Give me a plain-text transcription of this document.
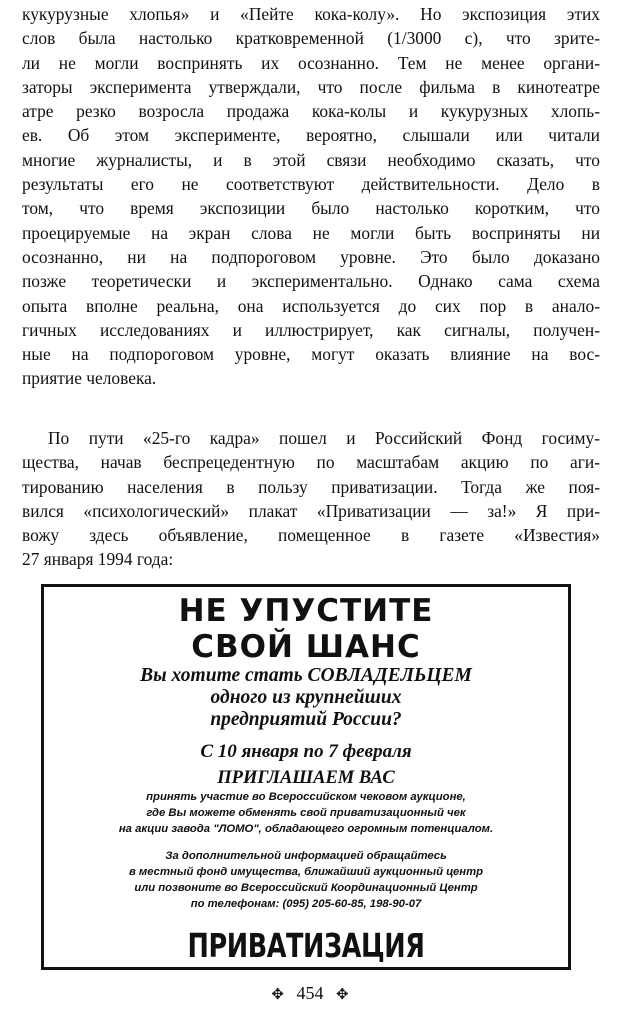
кукурузные хлопья» и «Пейте кока-колу». Но экспозиция этих
слов была настолько кратковременной (1/3000 с), что зрите-
ли не могли воспринять их осознанно. Тем не менее органи-
заторы эксперимента утверждали, что после фильма в кинотеатре
атре резко возросла продажа кока-колы и кукурузных хлопь-
ев. Об этом эксперименте, вероятно, слышали или читали
многие журналисты, и в этой связи необходимо сказать, что
результаты его не соответствуют действительности. Дело в
том, что время экспозиции было настолько коротким, что
проецируемые на экран слова не могли быть восприняты ни
осознанно, ни на подпороговом уровне. Это было доказано
позже теоретически и экспериментально. Однако сама схема
опыта вполне реальна, она используется до сих пор в анало-
гичных исследованиях и иллюстрирует, как сигналы, получен-
ные на подпороговом уровне, могут оказать влияние на вос-
приятие человека.

По пути «25-го кадра» пошел и Российский Фонд госиму-
щества, начав беспрецедентную по масштабам акцию по аги-
тированию населения в пользу приватизации. Тогда же поя-
вился «психологический» плакат «Приватизации — за!» Я при-
вожу здесь объявление, помещенное в газете «Известия»
27 января 1994 года:

НЕ УПУСТИТЕ
СВОЙ ШАНС
Вы хотите стать СОВЛАДЕЛЬЦЕМ
одного из крупнейших
предприятий России?
С 10 января по 7 февраля
ПРИГЛАШАЕМ ВАС
принять участие во Всероссийском чековом аукционе,
где Вы можете обменять свой приватизационный чек
на акции завода "ЛОМО", обладающего огромным потенциалом.
За дополнительной информацией обращайтесь
в местный фонд имущества, ближайший аукционный центр
или позвоните во Всероссийский Координационный Центр
по телефонам: (095) 205-60-85, 198-90-07
ПРИВАТИЗАЦИЯ
✥ 454 ✥
